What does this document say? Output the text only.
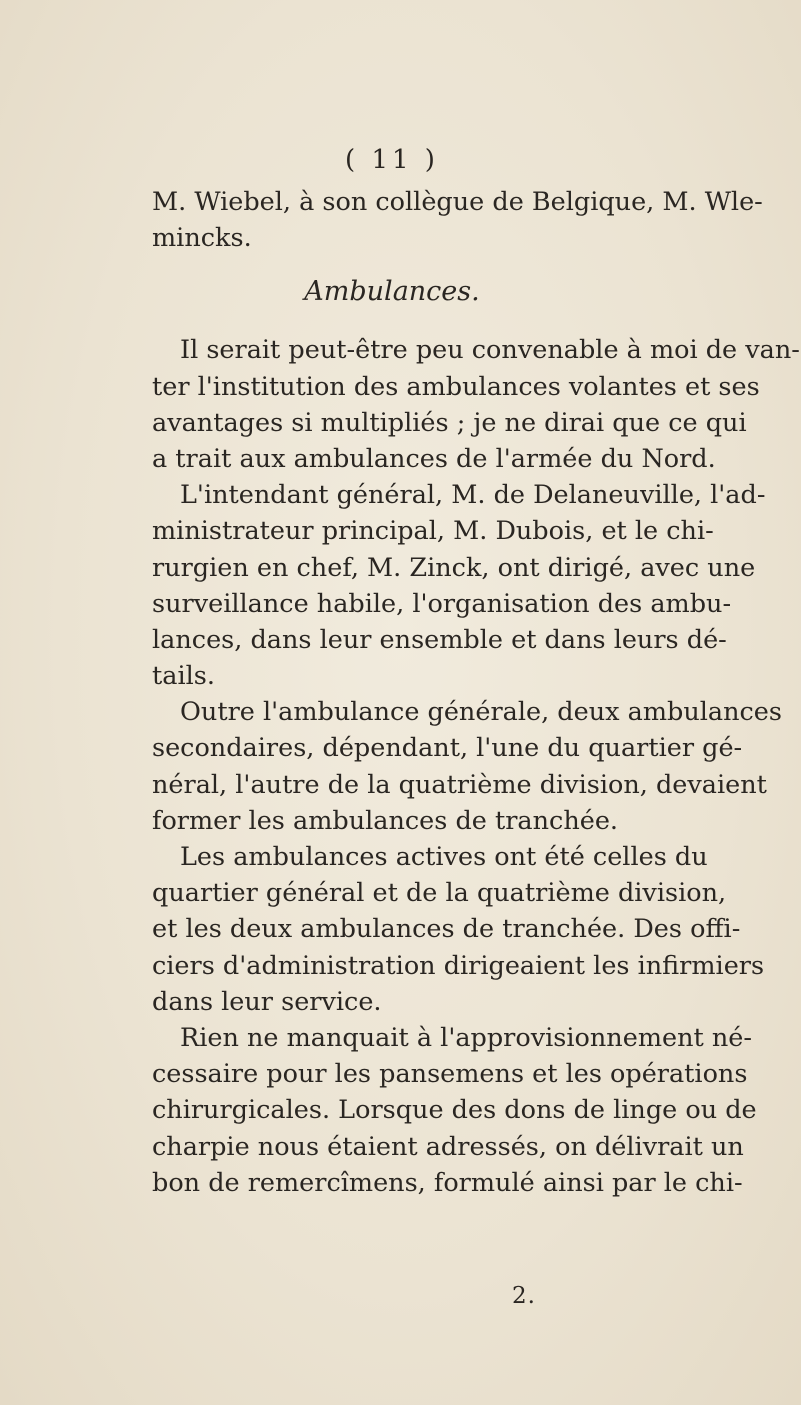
( 11 )
M. Wiebel, à son collègue de Belgique, M. Wle-
mincks.
Ambulances.
Il serait peut-être peu convenable à moi de van-
ter l'institution des ambulances volantes et ses
avantages si multipliés ; je ne dirai que ce qui
a trait aux ambulances de l'armée du Nord.
L'intendant général, M. de Delaneuville, l'ad-
ministrateur principal, M. Dubois, et le chi-
rurgien en chef, M. Zinck, ont dirigé, avec une
surveillance habile, l'organisation des ambu-
lances, dans leur ensemble et dans leurs dé-
tails.
Outre l'ambulance générale, deux ambulances
secondaires, dépendant, l'une du quartier gé-
néral, l'autre de la quatrième division, devaient
former les ambulances de tranchée.
Les ambulances actives ont été celles du
quartier général et de la quatrième division,
et les deux ambulances de tranchée. Des offi-
ciers d'administration dirigeaient les infirmiers
dans leur service.
Rien ne manquait à l'approvisionnement né-
cessaire pour les pansemens et les opérations
chirurgicales. Lorsque des dons de linge ou de
charpie nous étaient adressés, on délivrait un
bon de remercîmens, formulé ainsi par le chi-
2.
